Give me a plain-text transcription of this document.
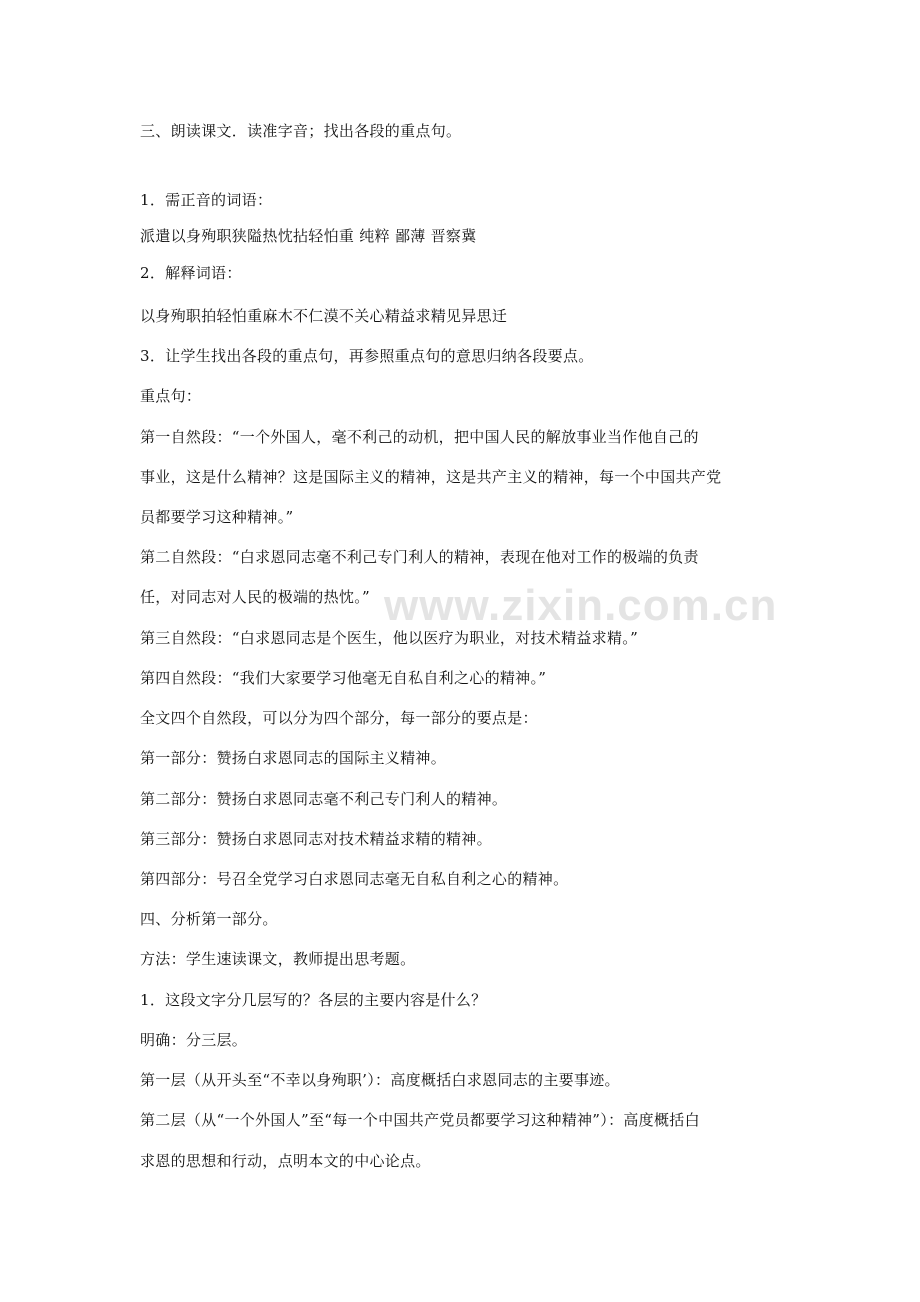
www.zixin.com.cn
三、朗读课文．读准字音；找出各段的重点句。
1．需正音的词语：
派遣以身殉职狭隘热忱拈轻怕重 纯粹 鄙薄 晋察冀
2．解释词语：
以身殉职拍轻怕重麻木不仁漠不关心精益求精见异思迁
3．让学生找出各段的重点句，再参照重点句的意思归纳各段要点。
重点句：
第一自然段：“一个外国人，毫不利己的动机，把中国人民的解放事业当作他自己的
事业，这是什么精神？这是国际主义的精神，这是共产主义的精神，每一个中国共产党
员都要学习这种精神。”
第二自然段：“白求恩同志毫不利己专门利人的精神，表现在他对工作的极端的负责
任，对同志对人民的极端的热忱。”
第三自然段：“白求恩同志是个医生，他以医疗为职业，对技术精益求精。”
第四自然段：“我们大家要学习他毫无自私自利之心的精神。”
全文四个自然段，可以分为四个部分，每一部分的要点是：
第一部分：赞扬白求恩同志的国际主义精神。
第二部分：赞扬白求恩同志毫不利己专门利人的精神。
第三部分：赞扬白求恩同志对技术精益求精的精神。
第四部分：号召全党学习白求恩同志毫无自私自利之心的精神。
四、分析第一部分。
方法：学生速读课文，教师提出思考题。
1．这段文字分几层写的？各层的主要内容是什么？
明确：分三层。
第一层（从开头至“不幸以身殉职’）：高度概括白求恩同志的主要事迹。
第二层（从“一个外国人”至“每一个中国共产党员都要学习这种精神”）：高度概括白
求恩的思想和行动，点明本文的中心论点。
